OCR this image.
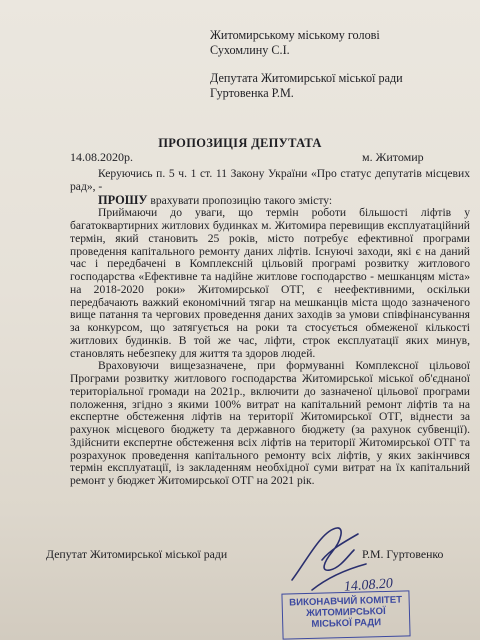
Житомирському міському голові
Сухомлину С.І.
Депутата Житомирської міської ради
Гуртовенка Р.М.
ПРОПОЗИЦІЯ ДЕПУТАТА
14.08.2020р.	м. Житомир

Керуючись п. 5 ч. 1 ст. 11 Закону України «Про статус депутатів місцевих рад», -

ПРОШУ врахувати пропозицію такого змісту:

Приймаючи до уваги, що термін роботи більшості ліфтів у багатоквартирних житлових будинках м. Житомира перевищив експлуатаційний термін, який становить 25 років, місто потребує ефективної програми проведення капітального ремонту даних ліфтів. Існуючі заходи, які є на даний час і передбачені в Комплексній цільовій програмі розвитку житлового господарства «Ефективне та надійне житлове господарство - мешканцям міста» на 2018-2020 роки» Житомирської ОТГ, є неефективними, оскільки передбачають важкий економічний тягар на мешканців міста щодо зазначеного вище патання та чергових проведення даних заходів за умови співфінансування за конкурсом, що затягується на роки та стосується обмеженої кількості житлових будинків. В той же час, ліфти, строк експлуатації яких минув, становлять небезпеку для життя та здоров людей.

Враховуючи вищезазначене, при формуванні Комплексної цільової Програми розвитку житлового господарства Житомирської міської об'єднаної територіальної громади на 2021р., включити до зазначеної цільової програми положення, згідно з якими 100% витрат на капітальний ремонт ліфтів та на експертне обстеження ліфтів на території Житомирської ОТГ, віднести за рахунок місцевого бюджету та державного бюджету (за рахунок субвенції). Здійснити експертне обстеження всіх ліфтів на території Житомирської ОТГ та розрахунок проведення капітального ремонту всіх ліфтів, у яких закінчився термін експлуатації, із закладенням необхідної суми витрат на їх капітальний ремонт у бюджет Житомирської ОТГ на 2021 рік.

Депутат Житомирської міської ради	Р.М. Гуртовенко
14.08.20
ВИКОНАВЧИЙ КОМІТЕТ
ЖИТОМИРСЬКОЇ
МІСЬКОЇ РАДИ
